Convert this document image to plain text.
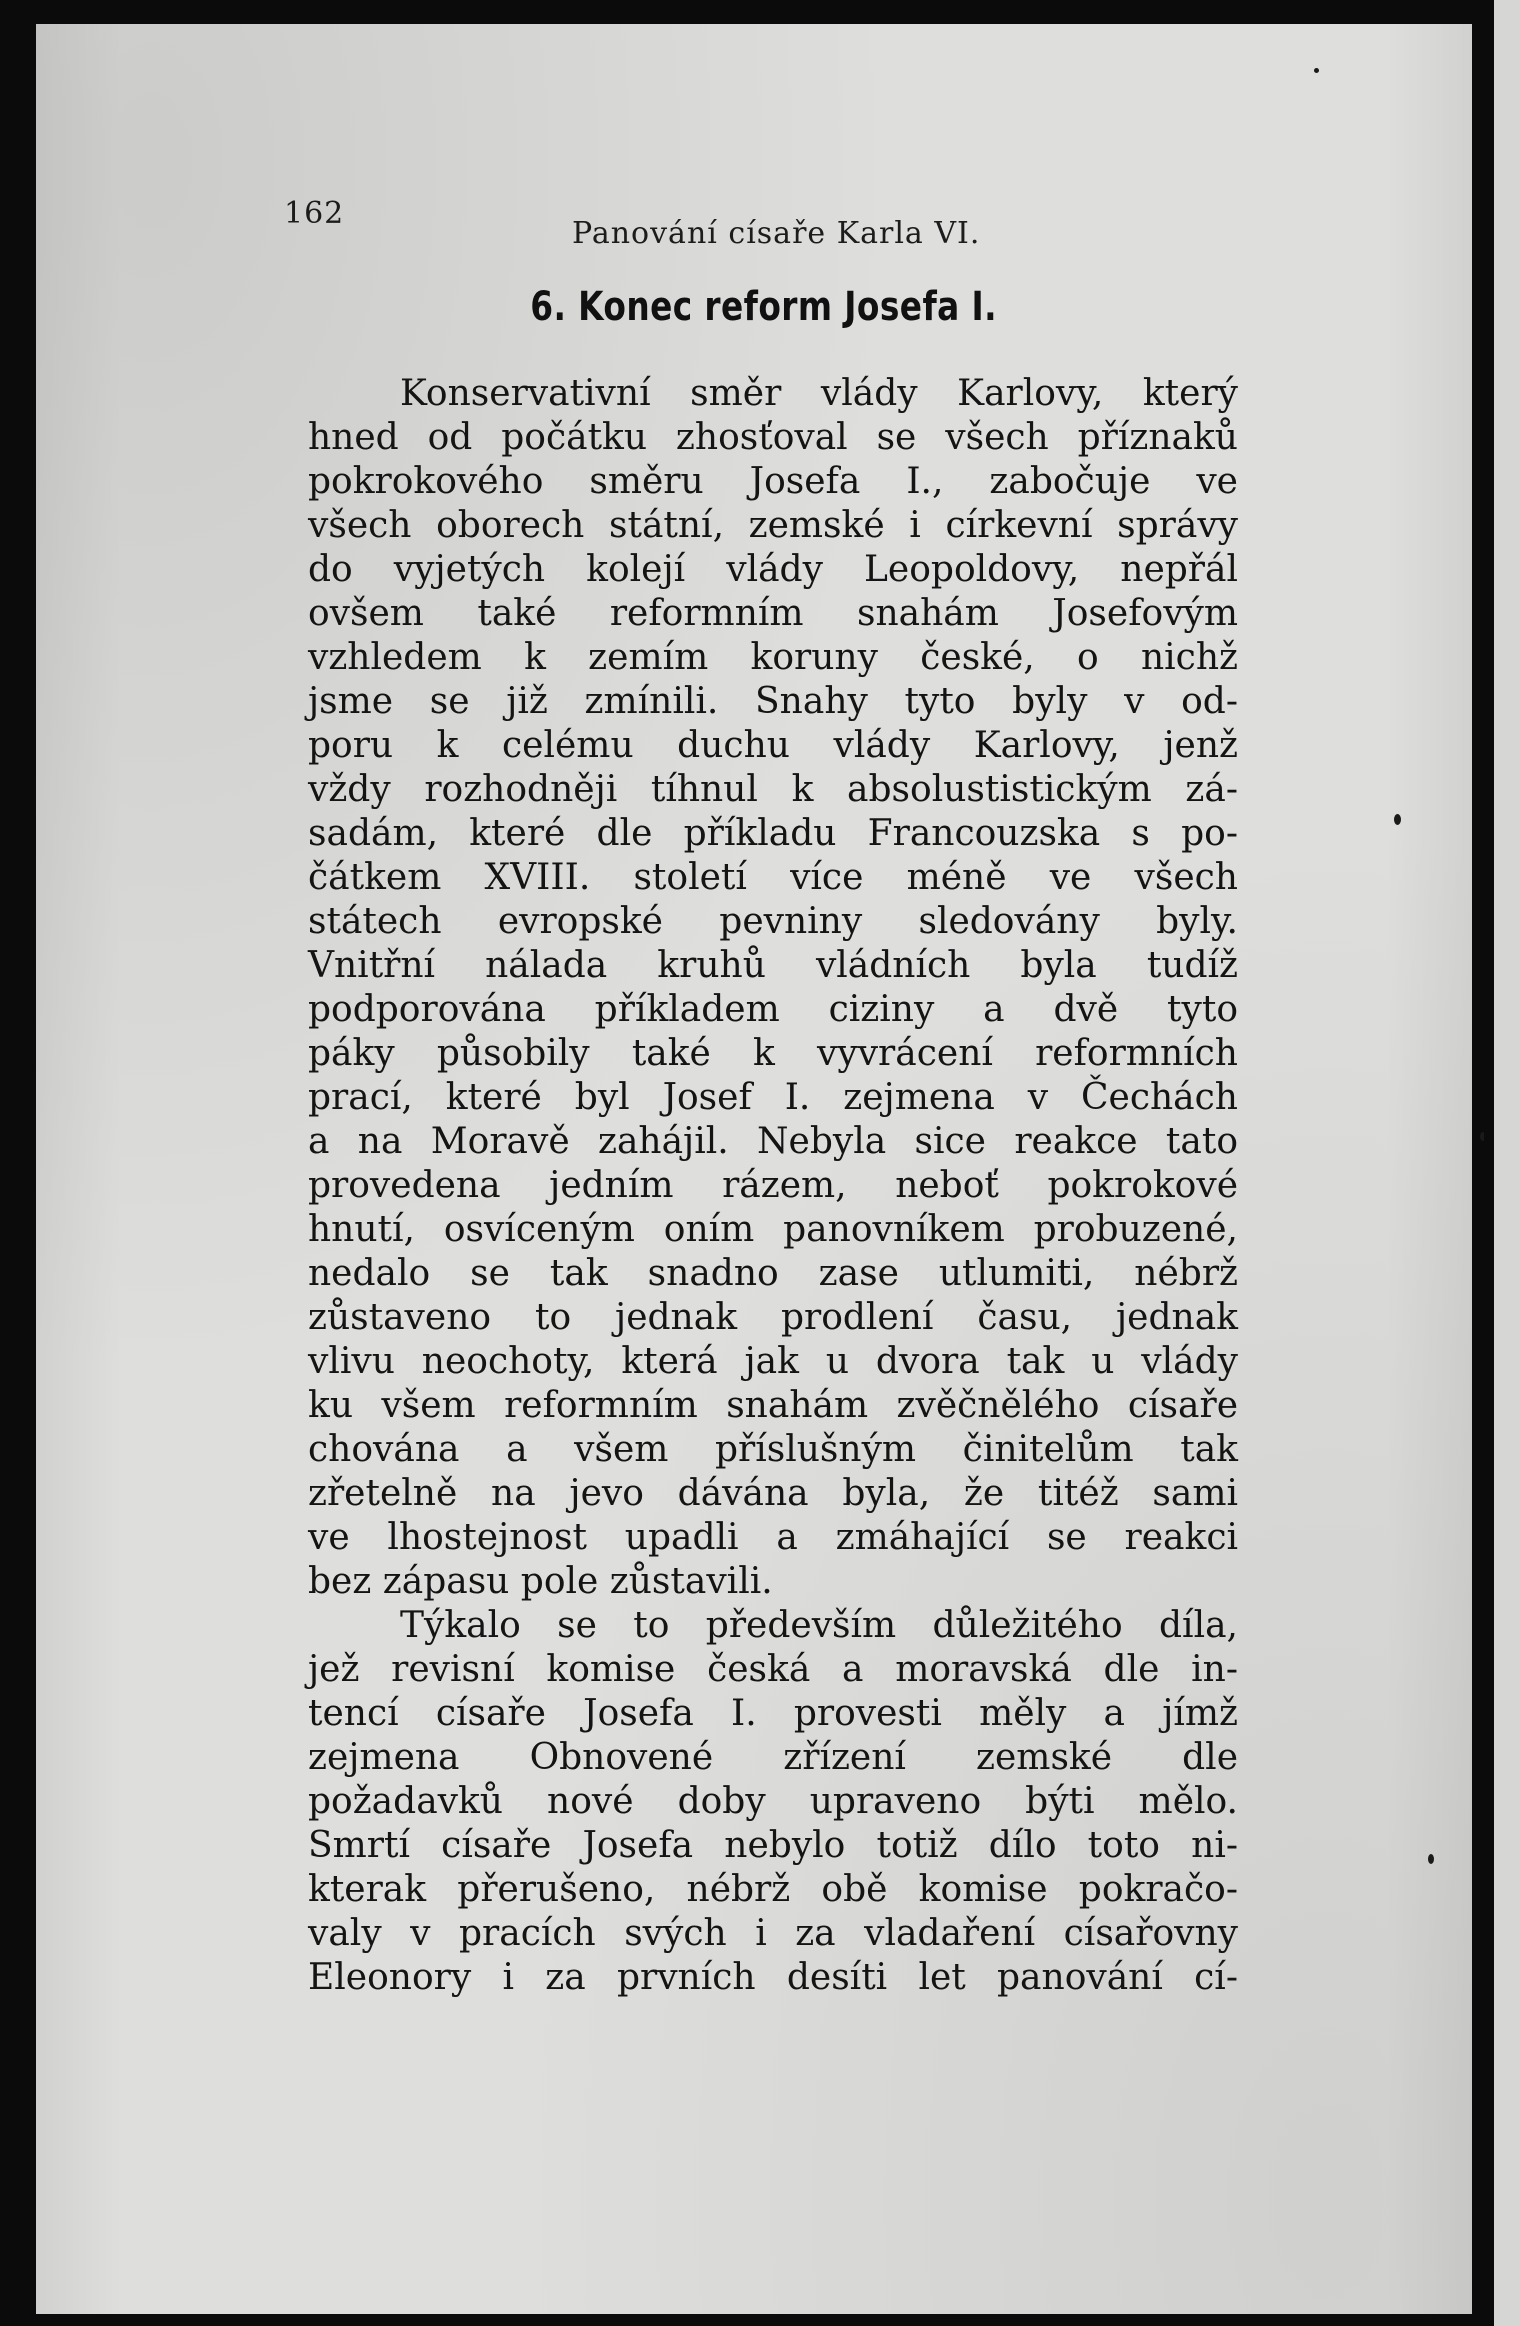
162
Panování císaře Karla VI.
6. Konec reform Josefa I.
Konservativní směr vlády Karlovy, který
hned od počátku zhosťoval se všech příznaků
pokrokového směru Josefa I., zabočuje ve
všech oborech státní, zemské i církevní správy
do vyjetých kolejí vlády Leopoldovy, nepřál
ovšem také reformním snahám Josefovým
vzhledem k zemím koruny české, o nichž
jsme se již zmínili. Snahy tyto byly v od-
poru k celému duchu vlády Karlovy, jenž
vždy rozhodněji tíhnul k absolustistickým zá-
sadám, které dle příkladu Francouzska s po-
čátkem XVIII. století více méně ve všech
státech evropské pevniny sledovány byly.
Vnitřní nálada kruhů vládních byla tudíž
podporována příkladem ciziny a dvě tyto
páky působily také k vyvrácení reformních
prací, které byl Josef I. zejmena v Čechách
a na Moravě zahájil. Nebyla sice reakce tato
provedena jedním rázem, neboť pokrokové
hnutí, osvíceným oním panovníkem probuzené,
nedalo se tak snadno zase utlumiti, nébrž
zůstaveno to jednak prodlení času, jednak
vlivu neochoty, která jak u dvora tak u vlády
ku všem reformním snahám zvěčnělého císaře
chována a všem příslušným činitelům tak
zřetelně na jevo dávána byla, že titéž sami
ve lhostejnost upadli a zmáhající se reakci
bez zápasu pole zůstavili.
Týkalo se to především důležitého díla,
jež revisní komise česká a moravská dle in-
tencí císaře Josefa I. provesti měly a jímž
zejmena Obnovené zřízení zemské dle
požadavků nové doby upraveno býti mělo.
Smrtí císaře Josefa nebylo totiž dílo toto ni-
kterak přerušeno, nébrž obě komise pokračo-
valy v pracích svých i za vladaření císařovny
Eleonory i za prvních desíti let panování cí-
